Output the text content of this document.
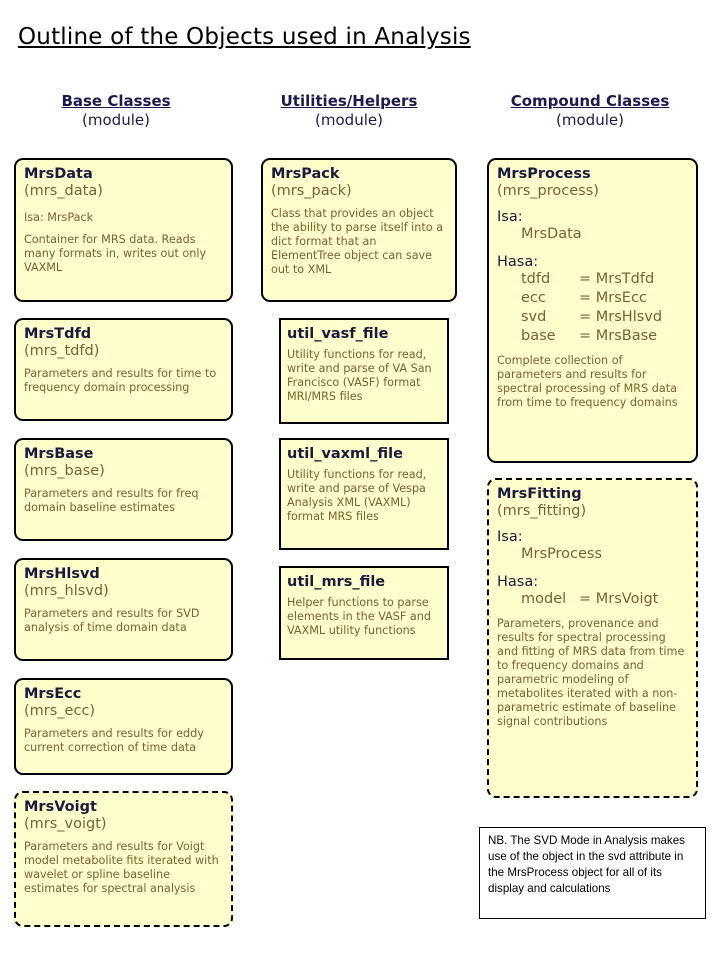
Outline of the Objects used in Analysis
Base Classes
(module)
Utilities/Helpers
(module)
Compound Classes
(module)
MrsData
(mrs_data)
Isa: MrsPack
Container for MRS data. Reads many formats in, writes out only VAXML
MrsTdfd
(mrs_tdfd)
Parameters and results for time to frequency domain processing
MrsBase
(mrs_base)
Parameters and results for freq domain baseline estimates
MrsHlsvd
(mrs_hlsvd)
Parameters and results for SVD analysis of time domain data
MrsEcc
(mrs_ecc)
Parameters and results for eddy current correction of time data
MrsVoigt
(mrs_voigt)
Parameters and results for Voigt model metabolite fits iterated with wavelet or spline baseline estimates for spectral analysis
MrsPack
(mrs_pack)
Class that provides an object the ability to parse itself into a dict format that an ElementTree object can save out to XML
util_vasf_file
Utility functions for read, write and parse of VA San Francisco (VASF) format MRI/MRS files
util_vaxml_file
Utility functions for read, write and parse of Vespa Analysis XML (VAXML) format MRS files
util_mrs_file
Helper functions to parse elements in the VASF and VAXML utility functions
MrsProcess
(mrs_process)
Isa:
MrsData
Hasa:
tdfd	= MrsTdfd
ecc	= MrsEcc
svd	= MrsHlsvd
base	= MrsBase
Complete collection of parameters and results for spectral processing of MRS data from time to frequency domains
MrsFitting
(mrs_fitting)
Isa:
MrsProcess
Hasa:
model = MrsVoigt
Parameters, provenance and results for spectral processing and fitting of MRS data from time to frequency domains and parametric modeling of metabolites iterated with a non-parametric estimate of baseline signal contributions
NB. The SVD Mode in Analysis makes use of the object in the svd attribute in the MrsProcess object for all of its display and calculations
